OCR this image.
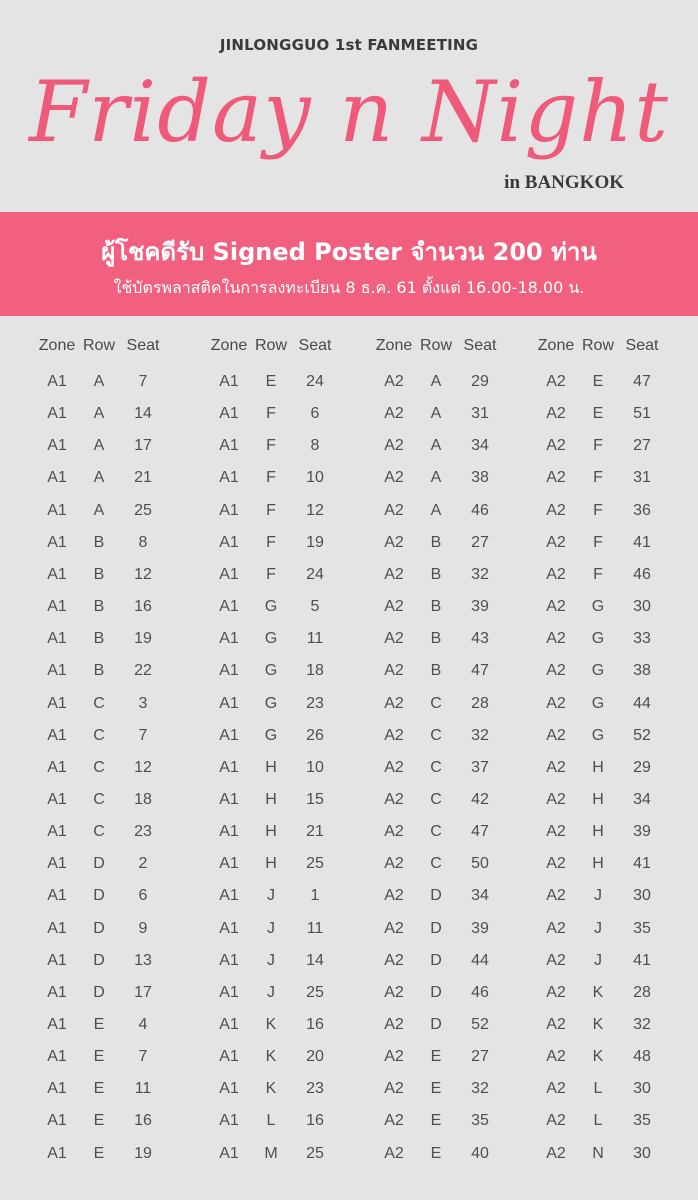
JINLONGGUO 1st FANMEETING
Friday n Night
in BANGKOK
ผู้โชคดีรับ Signed Poster จำนวน 200 ท่าน
ใช้บัตรพลาสติคในการลงทะเบียน 8 ธ.ค. 61 ตั้งแต่ 16.00-18.00 น.
Zone Row Seat
A1	A	7
A1	A	14
A1	A	17
A1	A	21
A1	A	25
A1	B	8
A1	B	12
A1	B	16
A1	B	19
A1	B	22
A1	C	3
A1	C	7
A1	C	12
A1	C	18
A1	C	23
A1	D	2
A1	D	6
A1	D	9
A1	D	13
A1	D	17
A1	E	4
A1	E	7
A1	E	11
A1	E	16
A1	E	19
Zone Row Seat
A1	E	24
A1	F	6
A1	F	8
A1	F	10
A1	F	12
A1	F	19
A1	F	24
A1	G	5
A1	G	11
A1	G	18
A1	G	23
A1	G	26
A1	H	10
A1	H	15
A1	H	21
A1	H	25
A1	J	1
A1	J	11
A1	J	14
A1	J	25
A1	K	16
A1	K	20
A1	K	23
A1	L	16
A1	M	25
Zone Row Seat
A2	A	29
A2	A	31
A2	A	34
A2	A	38
A2	A	46
A2	B	27
A2	B	32
A2	B	39
A2	B	43
A2	B	47
A2	C	28
A2	C	32
A2	C	37
A2	C	42
A2	C	47
A2	C	50
A2	D	34
A2	D	39
A2	D	44
A2	D	46
A2	D	52
A2	E	27
A2	E	32
A2	E	35
A2	E	40
Zone Row Seat
A2	E	47
A2	E	51
A2	F	27
A2	F	31
A2	F	36
A2	F	41
A2	F	46
A2	G	30
A2	G	33
A2	G	38
A2	G	44
A2	G	52
A2	H	29
A2	H	34
A2	H	39
A2	H	41
A2	J	30
A2	J	35
A2	J	41
A2	K	28
A2	K	32
A2	K	48
A2	L	30
A2	L	35
A2	N	30
